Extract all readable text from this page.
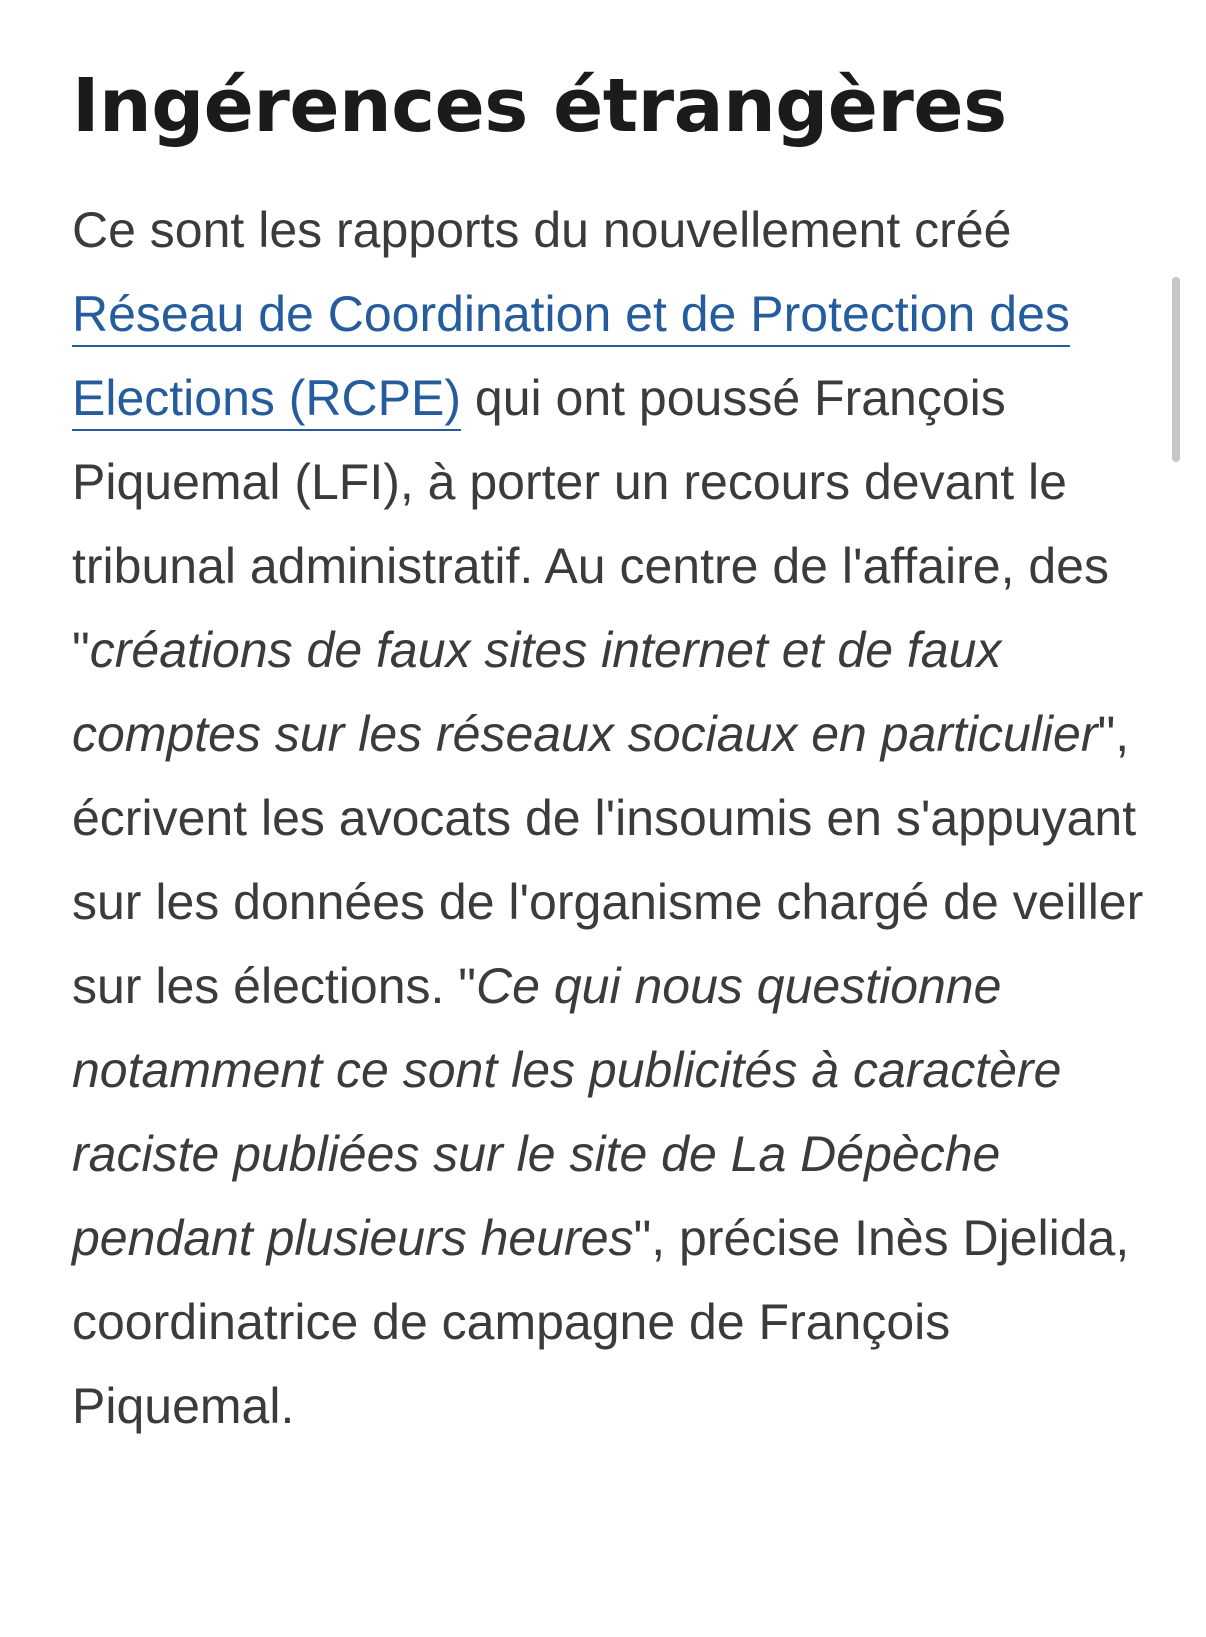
Ingérences étrangères

Ce sont les rapports du nouvellement créé Réseau de Coordination et de Protection des Elections (RCPE) qui ont poussé François Piquemal (LFI), à porter un recours devant le tribunal administratif. Au centre de l'affaire, des "créations de faux sites internet et de faux comptes sur les réseaux sociaux en particulier", écrivent les avocats de l'insoumis en s'appuyant sur les données de l'organisme chargé de veiller sur les élections. "Ce qui nous questionne notamment ce sont les publicités à caractère raciste publiées sur le site de La Dépèche pendant plusieurs heures", précise Inès Djelida, coordinatrice de campagne de François Piquemal.
